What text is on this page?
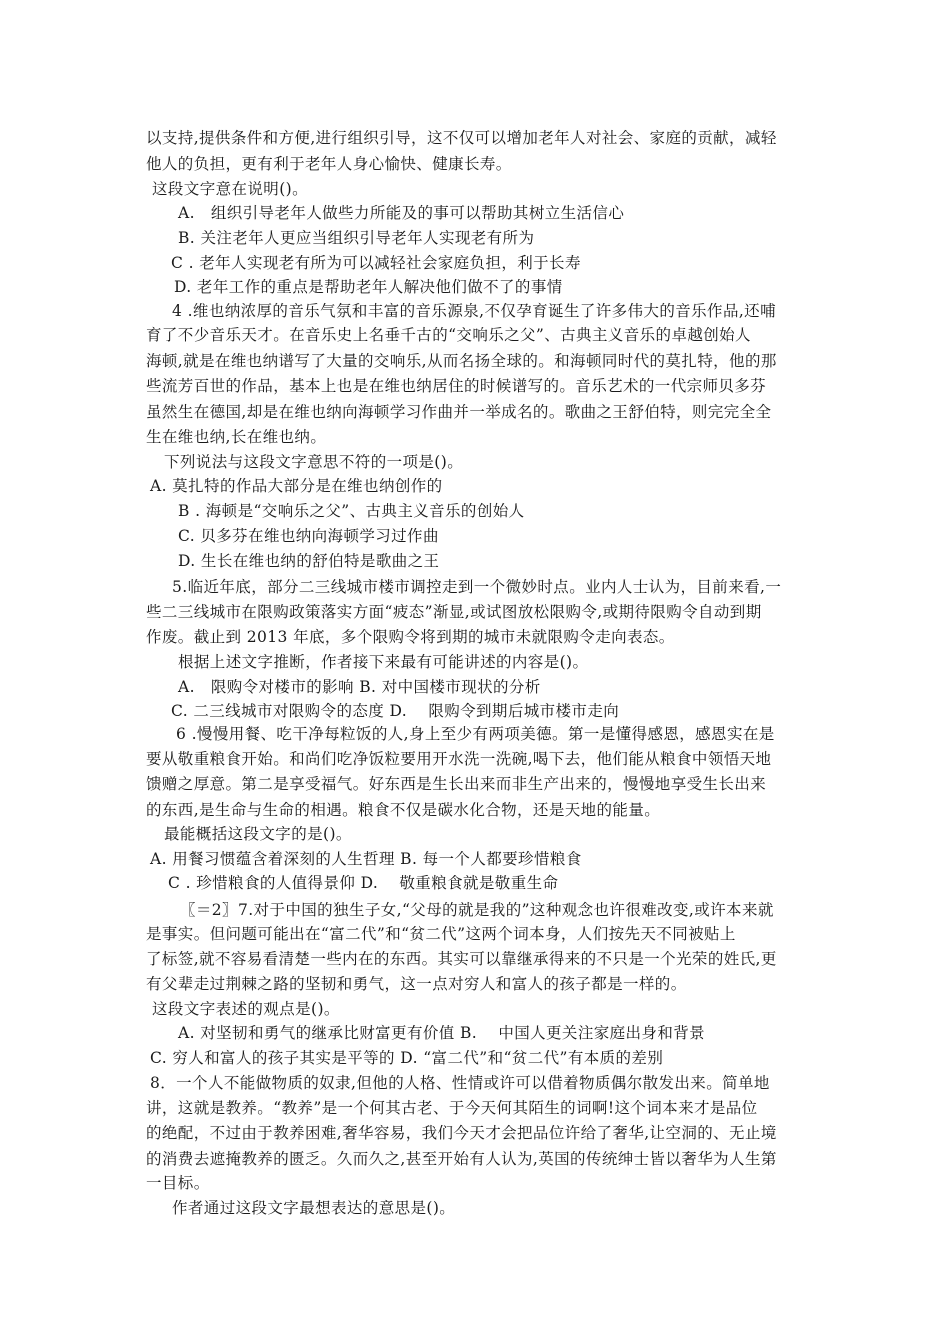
以支持,提供条件和方便,进行组织引导，这不仅可以增加老年人对社会、家庭的贡献，减轻
他人的负担，更有利于老年人身心愉快、健康长寿。
这段文字意在说明()。
A.　组织引导老年人做些力所能及的事可以帮助其树立生活信心
B. 关注老年人更应当组织引导老年人实现老有所为
C . 老年人实现老有所为可以减轻社会家庭负担，利于长寿
D. 老年工作的重点是帮助老年人解决他们做不了的事情
4 .维也纳浓厚的音乐气氛和丰富的音乐源泉,不仅孕育诞生了许多伟大的音乐作品,还哺
育了不少音乐天才。在音乐史上名垂千古的“交响乐之父”、古典主义音乐的卓越创始人
海顿,就是在维也纳谱写了大量的交响乐,从而名扬全球的。和海顿同时代的莫扎特，他的那
些流芳百世的作品，基本上也是在维也纳居住的时候谱写的。音乐艺术的一代宗师贝多芬
虽然生在德国,却是在维也纳向海顿学习作曲并一举成名的。歌曲之王舒伯特，则完完全全
生在维也纳,长在维也纳。
下列说法与这段文字意思不符的一项是()。
A. 莫扎特的作品大部分是在维也纳创作的
B . 海顿是“交响乐之父”、古典主义音乐的创始人
C. 贝多芬在维也纳向海顿学习过作曲
D. 生长在维也纳的舒伯特是歌曲之王
5.临近年底，部分二三线城市楼市调控走到一个微妙时点。业内人士认为，目前来看,一
些二三线城市在限购政策落实方面“疲态”渐显,或试图放松限购令,或期待限购令自动到期
作废。截止到 2013 年底，多个限购令将到期的城市未就限购令走向表态。
根据上述文字推断，作者接下来最有可能讲述的内容是()。
A.　限购令对楼市的影响 B. 对中国楼市现状的分析
C. 二三线城市对限购令的态度 D.　 限购令到期后城市楼市走向
6 .慢慢用餐、吃干净每粒饭的人,身上至少有两项美德。第一是懂得感恩，感恩实在是
要从敬重粮食开始。和尚们吃净饭粒要用开水洗一洗碗,喝下去，他们能从粮食中领悟天地
馈赠之厚意。第二是享受福气。好东西是生长出来而非生产出来的，慢慢地享受生长出来
的东西,是生命与生命的相遇。粮食不仅是碳水化合物，还是天地的能量。
最能概括这段文字的是()。
A. 用餐习惯蕴含着深刻的人生哲理 B. 每一个人都要珍惜粮食
C . 珍惜粮食的人值得景仰 D.　 敬重粮食就是敬重生命
〖＝2〗7.对于中国的独生子女,“父母的就是我的”这种观念也许很难改变,或许本来就
是事实。但问题可能出在“富二代”和“贫二代”这两个词本身，人们按先天不同被贴上
了标签,就不容易看清楚一些内在的东西。其实可以靠继承得来的不只是一个光荣的姓氏,更
有父辈走过荆棘之路的坚韧和勇气，这一点对穷人和富人的孩子都是一样的。
这段文字表述的观点是()。
A. 对坚韧和勇气的继承比财富更有价值 B.　 中国人更关注家庭出身和背景
C. 穷人和富人的孩子其实是平等的 D. “富二代”和“贫二代”有本质的差别
8．一个人不能做物质的奴隶,但他的人格、性情或许可以借着物质偶尔散发出来。简单地
讲，这就是教养。“教养”是一个何其古老、于今天何其陌生的词啊!这个词本来才是品位
的绝配，不过由于教养困难,奢华容易，我们今天才会把品位许给了奢华,让空洞的、无止境
的消费去遮掩教养的匮乏。久而久之,甚至开始有人认为,英国的传统绅士皆以奢华为人生第
一目标。
作者通过这段文字最想表达的意思是()。
